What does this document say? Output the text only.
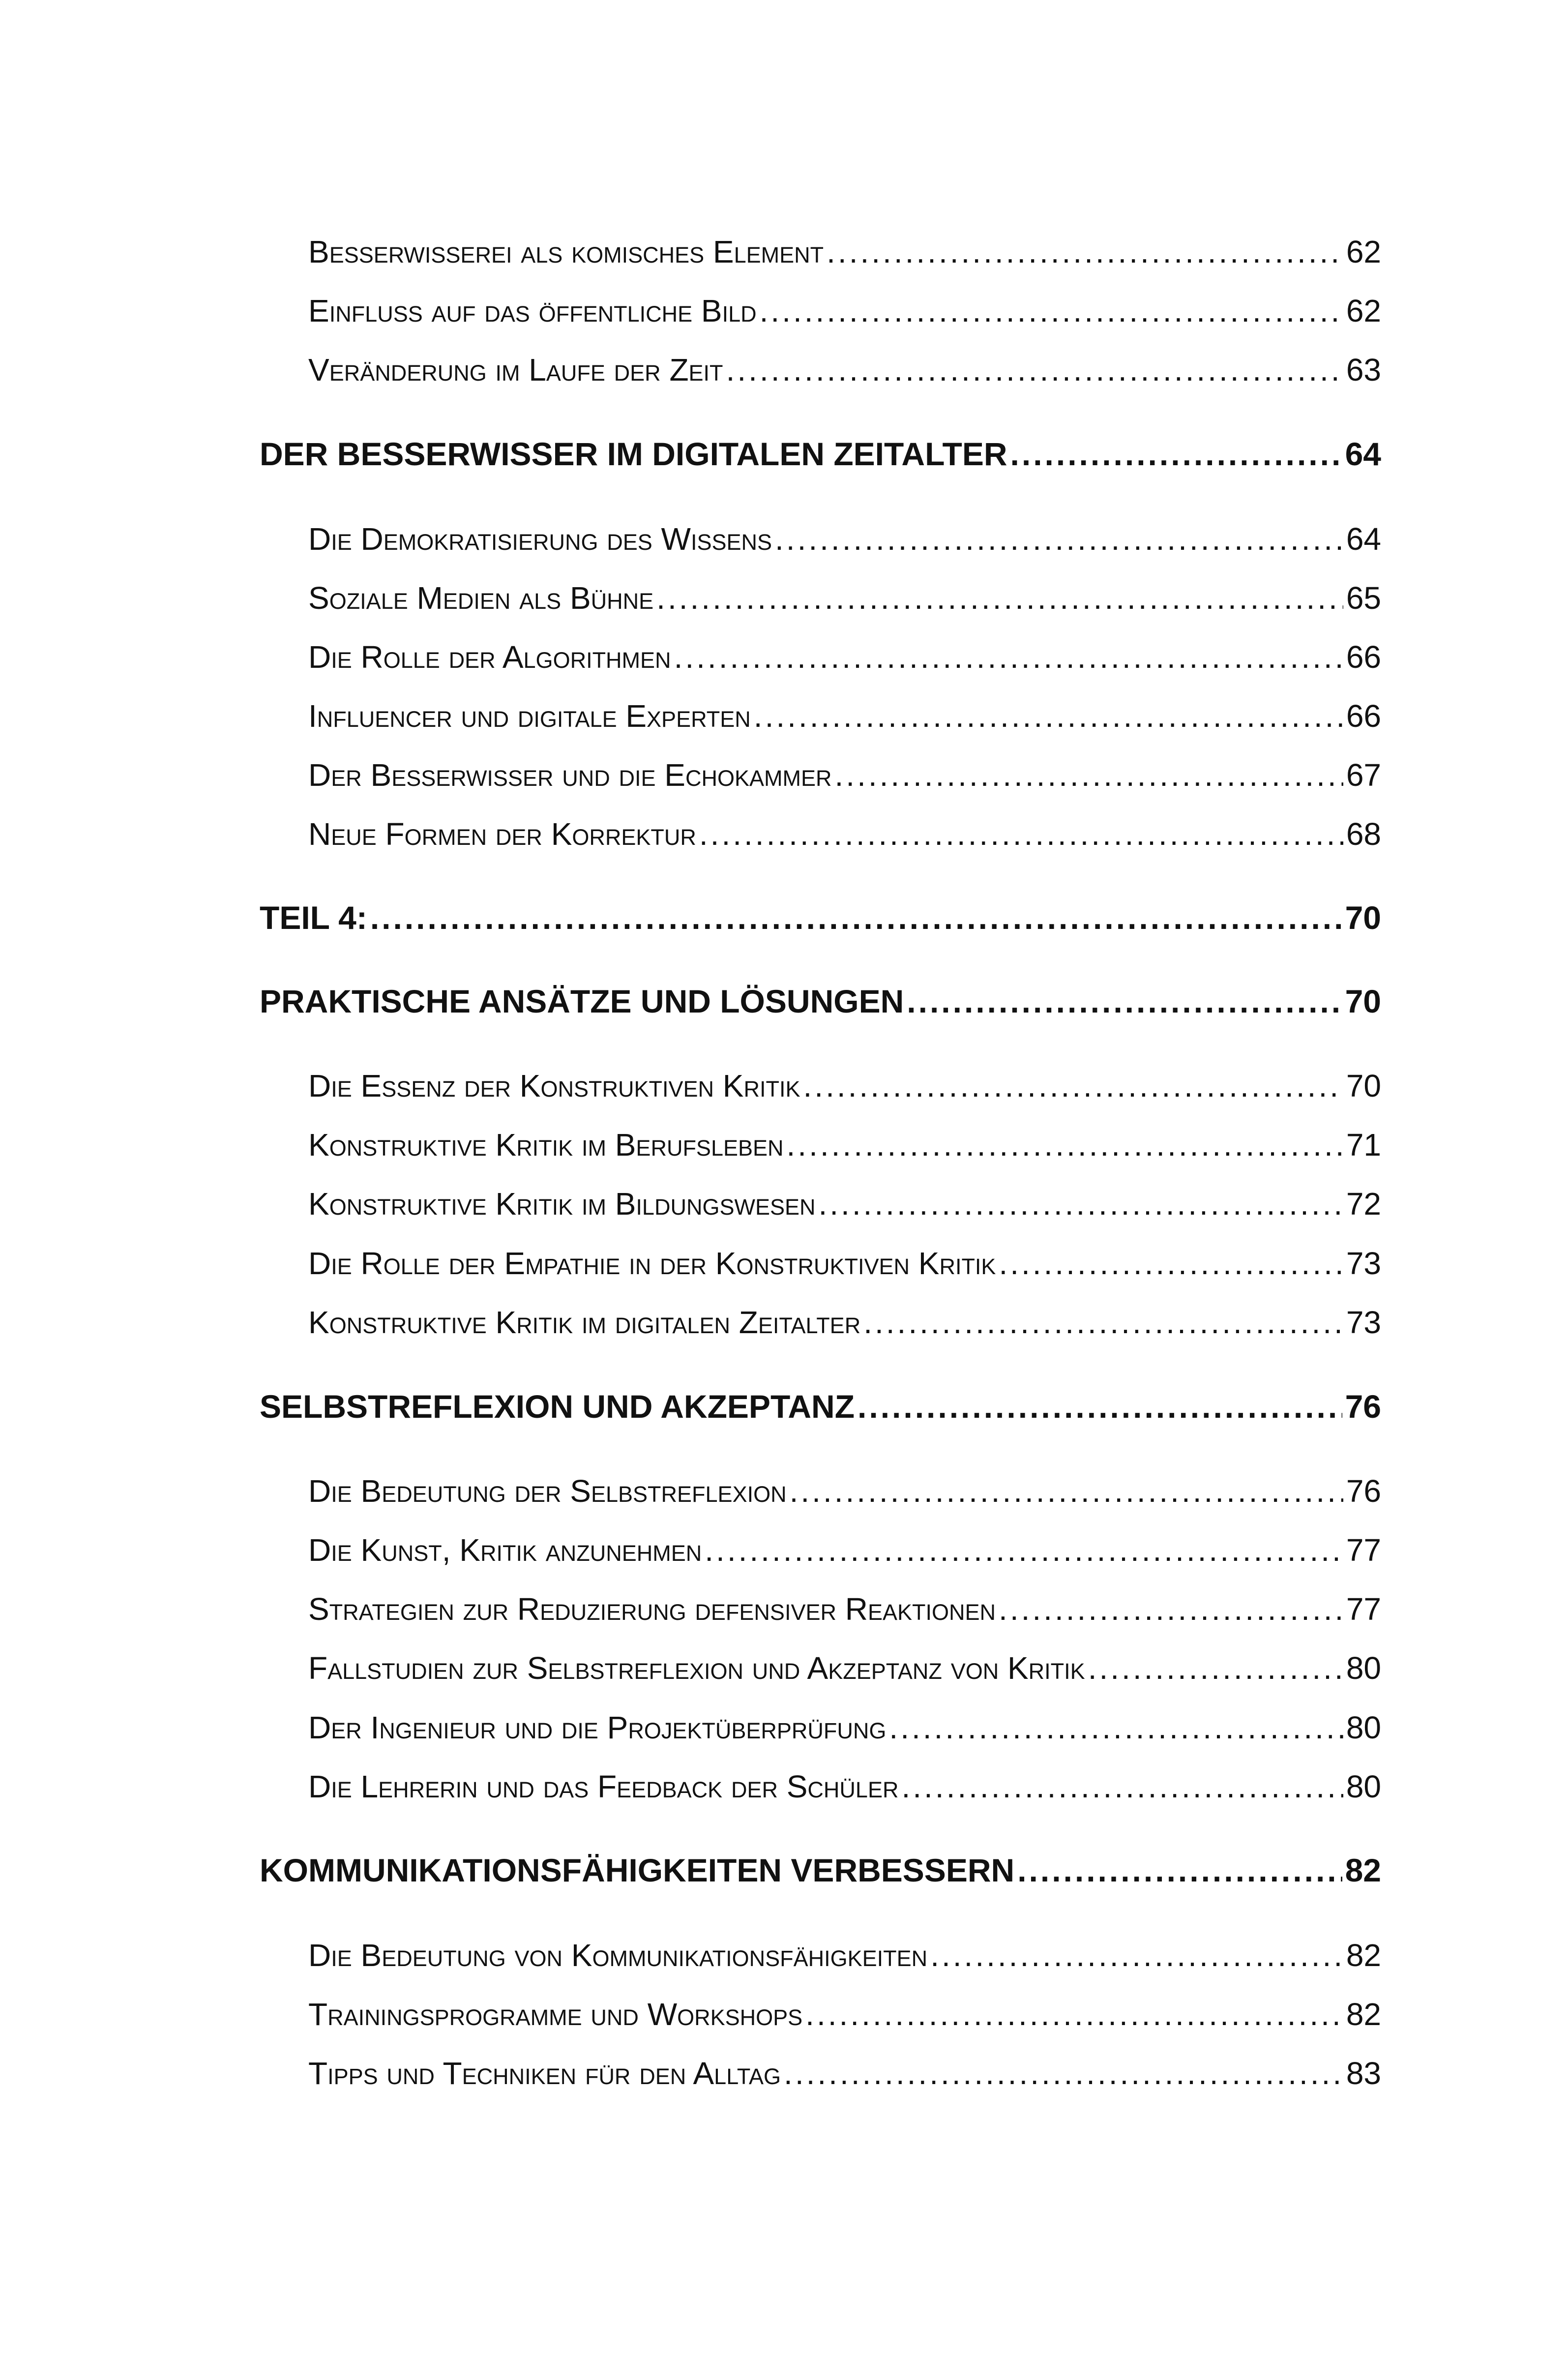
Besserwisserei als komisches Element .....	62
Einfluss auf das öffentliche Bild .....	62
Veränderung im Laufe der Zeit .....	63
DER BESSERWISSER IM DIGITALEN ZEITALTER .....	64
Die Demokratisierung des Wissens .....	64
Soziale Medien als Bühne .....	65
Die Rolle der Algorithmen .....	66
Influencer und digitale Experten .....	66
Der Besserwisser und die Echokammer .....	67
Neue Formen der Korrektur .....	68
TEIL 4: .....	70
PRAKTISCHE ANSÄTZE UND LÖSUNGEN .....	70
Die Essenz der Konstruktiven Kritik .....	70
Konstruktive Kritik im Berufsleben .....	71
Konstruktive Kritik im Bildungswesen .....	72
Die Rolle der Empathie in der Konstruktiven Kritik .....	73
Konstruktive Kritik im digitalen Zeitalter .....	73
SELBSTREFLEXION UND AKZEPTANZ .....	76
Die Bedeutung der Selbstreflexion .....	76
Die Kunst, Kritik anzunehmen .....	77
Strategien zur Reduzierung defensiver Reaktionen .....	77
Fallstudien zur Selbstreflexion und Akzeptanz von Kritik .....	80
Der Ingenieur und die Projektüberprüfung .....	80
Die Lehrerin und das Feedback der Schüler .....	80
KOMMUNIKATIONSFÄHIGKEITEN VERBESSERN .....	82
Die Bedeutung von Kommunikationsfähigkeiten .....	82
Trainingsprogramme und Workshops .....	82
Tipps und Techniken für den Alltag .....	83
